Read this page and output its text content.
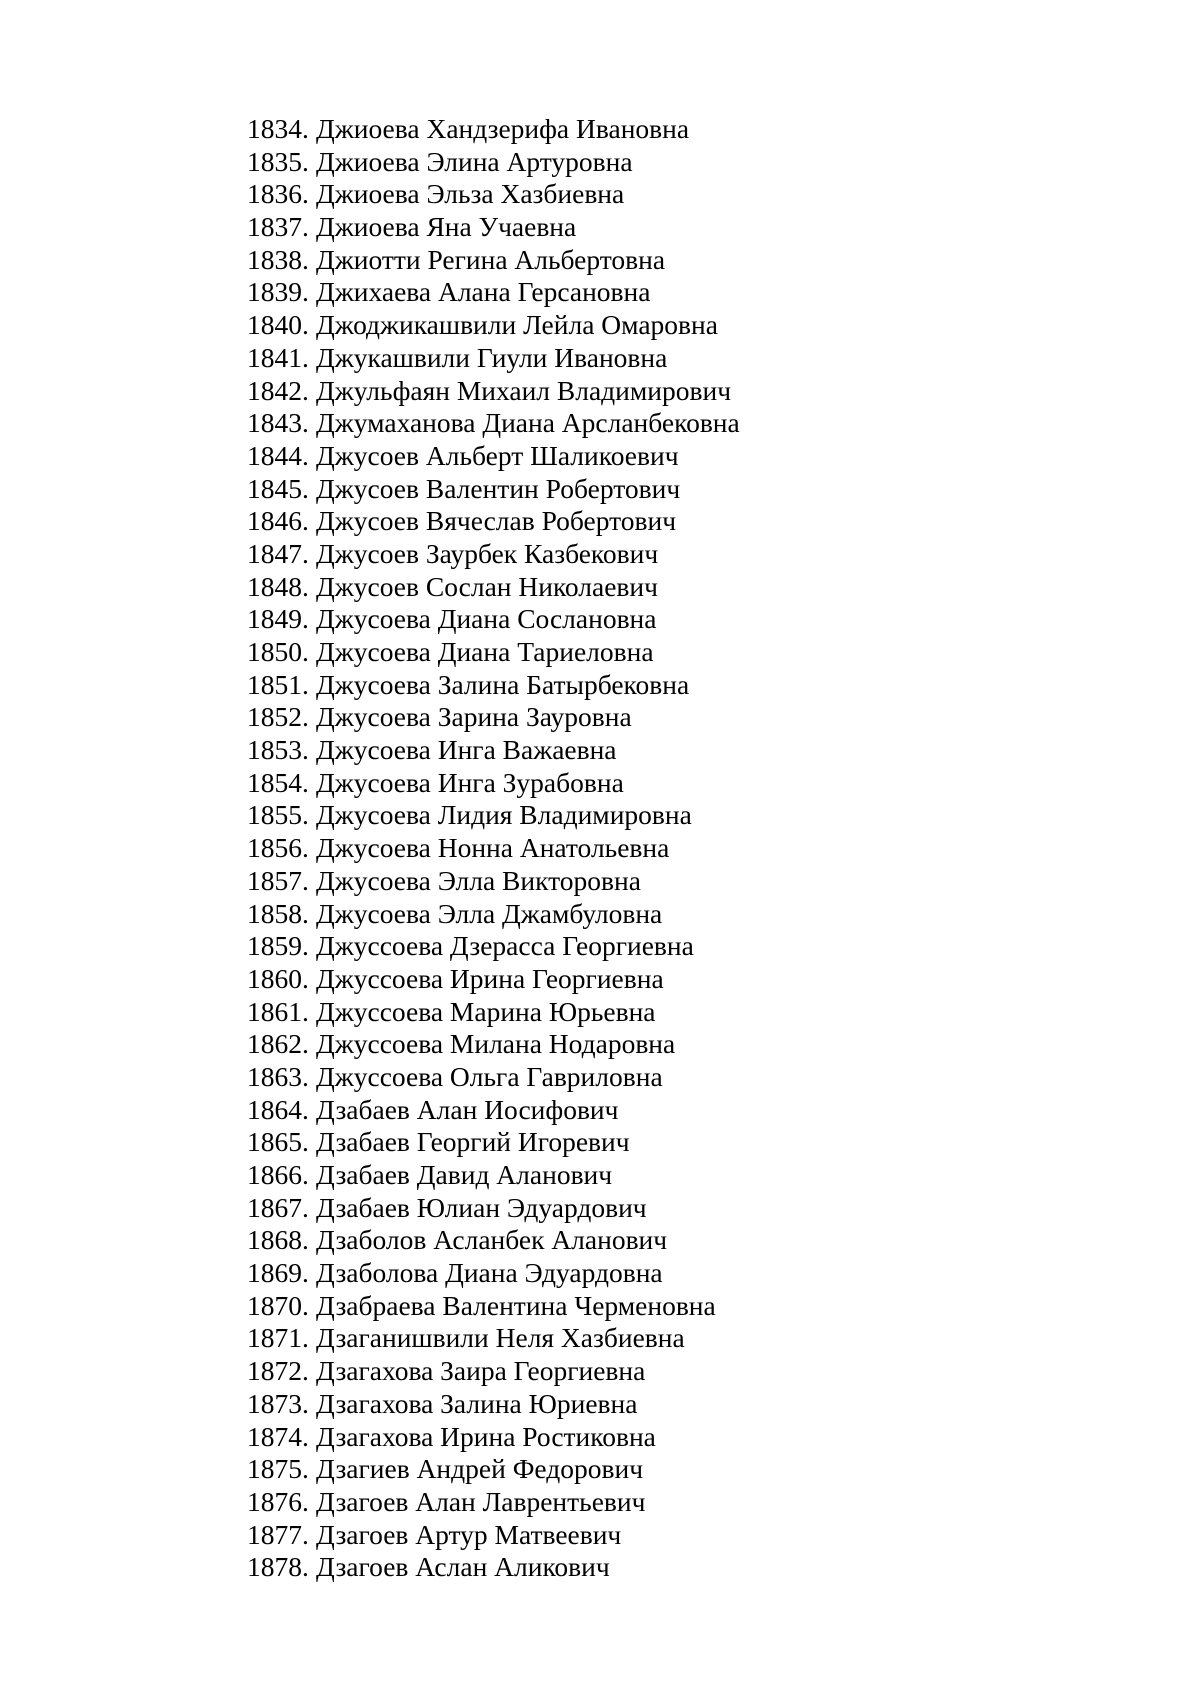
1834. Джиоева Хандзерифа Ивановна
1835. Джиоева Элина Артуровна
1836. Джиоева Эльза Хазбиевна
1837. Джиоева Яна Учаевна
1838. Джиотти Регина Альбертовна
1839. Джихаева Алана Герсановна
1840. Джоджикашвили Лейла Омаровна
1841. Джукашвили Гиули Ивановна
1842. Джульфаян Михаил Владимирович
1843. Джумаханова Диана Арсланбековна
1844. Джусоев Альберт Шаликоевич
1845. Джусоев Валентин Робертович
1846. Джусоев Вячеслав Робертович
1847. Джусоев Заурбек Казбекович
1848. Джусоев Сослан Николаевич
1849. Джусоева Диана Сослановна
1850. Джусоева Диана Тариеловна
1851. Джусоева Залина Батырбековна
1852. Джусоева Зарина Зауровна
1853. Джусоева Инга Важаевна
1854. Джусоева Инга Зурабовна
1855. Джусоева Лидия Владимировна
1856. Джусоева Нонна Анатольевна
1857. Джусоева Элла Викторовна
1858. Джусоева Элла Джамбуловна
1859. Джуссоева Дзерасса Георгиевна
1860. Джуссоева Ирина Георгиевна
1861. Джуссоева Марина Юрьевна
1862. Джуссоева Милана Нодаровна
1863. Джуссоева Ольга Гавриловна
1864. Дзабаев Алан Иосифович
1865. Дзабаев Георгий Игоревич
1866. Дзабаев Давид Аланович
1867. Дзабаев Юлиан Эдуардович
1868. Дзаболов Асланбек Аланович
1869. Дзаболова Диана Эдуардовна
1870. Дзабраева Валентина Черменовна
1871. Дзаганишвили Неля Хазбиевна
1872. Дзагахова Заира Георгиевна
1873. Дзагахова Залина Юриевна
1874. Дзагахова Ирина Ростиковна
1875. Дзагиев Андрей Федорович
1876. Дзагоев Алан Лаврентьевич
1877. Дзагоев Артур Матвеевич
1878. Дзагоев Аслан Аликович
